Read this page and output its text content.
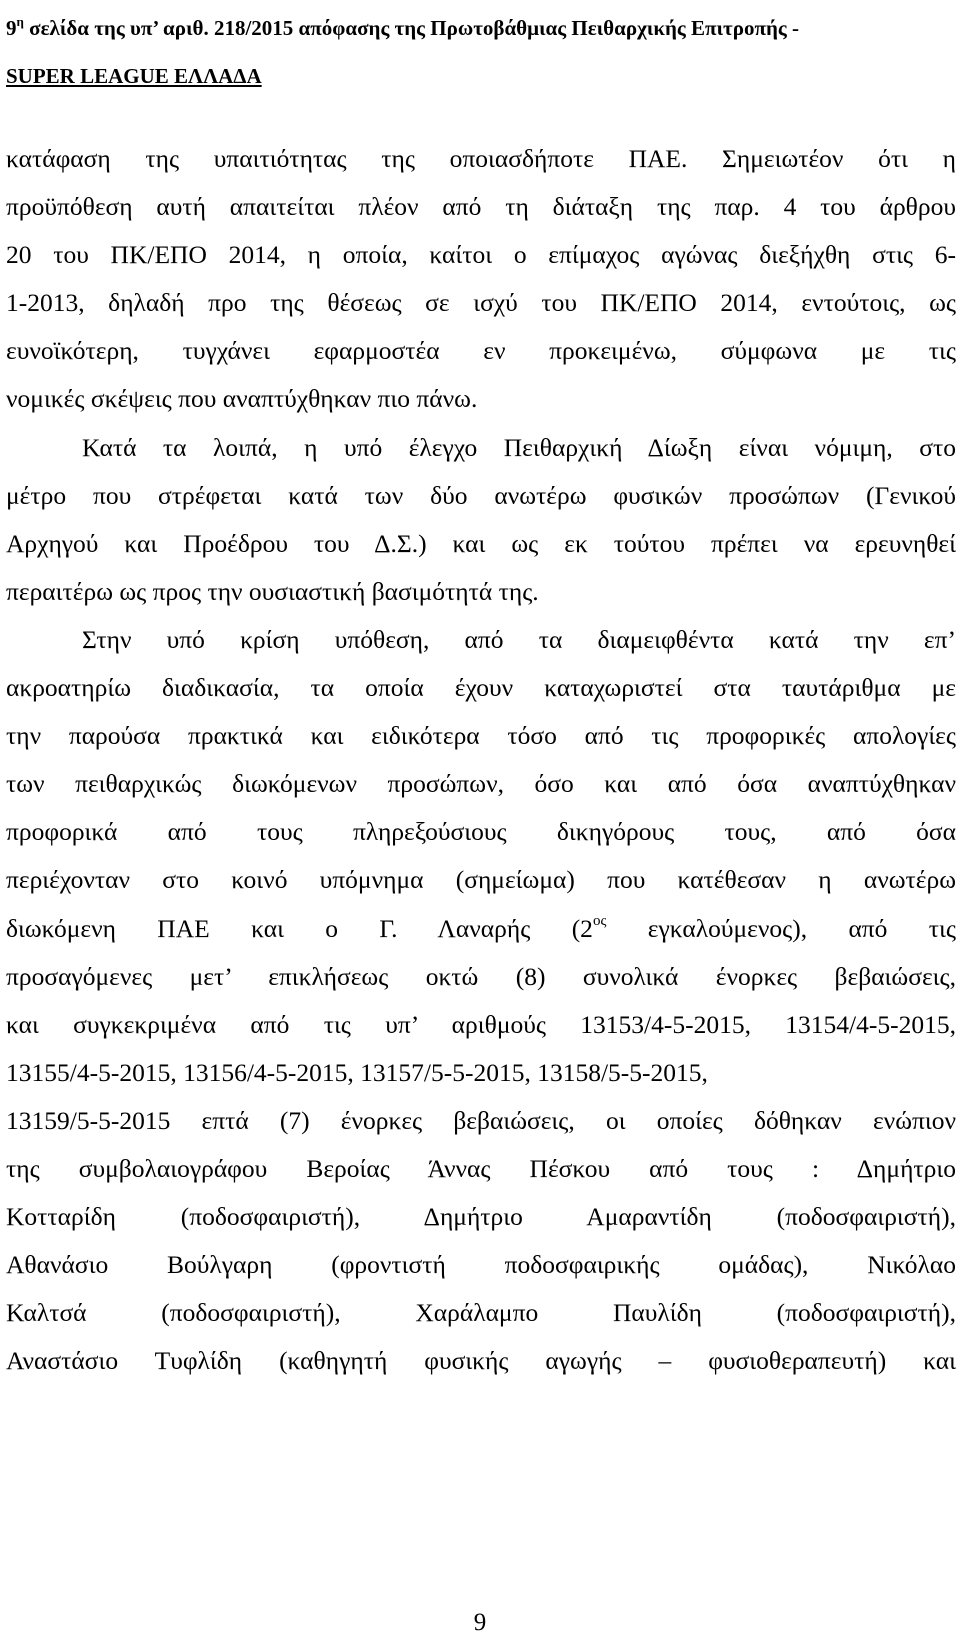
$9^\eta$ σελίδα της υπ’ αριθ. 218/2015 απόφασης της Πρωτοβάθμιας Πειθαρχικής Επιτροπής -
SUPER LEAGUE ΕΛΛΑΔΑ

κατάφαση της υπαιτιότητας της οποιασδήποτε ΠΑΕ. Σημειωτέον ότι η
προϋπόθεση αυτή απαιτείται πλέον από τη διάταξη της παρ. 4 του άρθρου
20 του ΠΚ/ΕΠΟ 2014, η οποία, καίτοι ο επίμαχος αγώνας διεξήχθη στις 6-
1-2013, δηλαδή προ της θέσεως σε ισχύ του ΠΚ/ΕΠΟ 2014, εντούτοις, ως
ευνοϊκότερη, τυγχάνει εφαρμοστέα εν προκειμένω, σύμφωνα με τις
νομικές σκέψεις που αναπτύχθηκαν πιο πάνω.

Κατά τα λοιπά, η υπό έλεγχο Πειθαρχική Δίωξη είναι νόμιμη, στο
μέτρο που στρέφεται κατά των δύο ανωτέρω φυσικών προσώπων (Γενικού
Αρχηγού και Προέδρου του Δ.Σ.) και ως εκ τούτου πρέπει να ερευνηθεί
περαιτέρω ως προς την ουσιαστική βασιμότητά της.

Στην υπό κρίση υπόθεση, από τα διαμειφθέντα κατά την επ’
ακροατηρίω διαδικασία, τα οποία έχουν καταχωριστεί στα ταυτάριθμα με
την παρούσα πρακτικά και ειδικότερα τόσο από τις προφορικές απολογίες
των πειθαρχικώς διωκόμενων προσώπων, όσο και από όσα αναπτύχθηκαν
προφορικά από τους πληρεξούσιους δικηγόρους τους, από όσα
περιέχονταν στο κοινό υπόμνημα (σημείωμα) που κατέθεσαν η ανωτέρω
διωκόμενη ΠΑΕ και ο Γ. Λαναρής ($2^{o\varsigma}$ εγκαλούμενος), από τις
προσαγόμενες μετ’ επικλήσεως οκτώ (8) συνολικά ένορκες βεβαιώσεις,
και συγκεκριμένα από τις υπ’ αριθμούς 13153/4-5-2015, 13154/4-5-2015,
13155/4-5-2015, 13156/4-5-2015, 13157/5-5-2015, 13158/5-5-2015,
13159/5-5-2015 επτά (7) ένορκες βεβαιώσεις, οι οποίες δόθηκαν ενώπιον
της συμβολαιογράφου Βεροίας Άννας Πέσκου από τους : Δημήτριο
Κοτταρίδη (ποδοσφαιριστή), Δημήτριο Αμαραντίδη (ποδοσφαιριστή),
Αθανάσιο Βούλγαρη (φροντιστή ποδοσφαιρικής ομάδας), Νικόλαο
Καλτσά (ποδοσφαιριστή), Χαράλαμπο Παυλίδη (ποδοσφαιριστή),
Αναστάσιο Τυφλίδη (καθηγητή φυσικής αγωγής – φυσιοθεραπευτή) και

9
